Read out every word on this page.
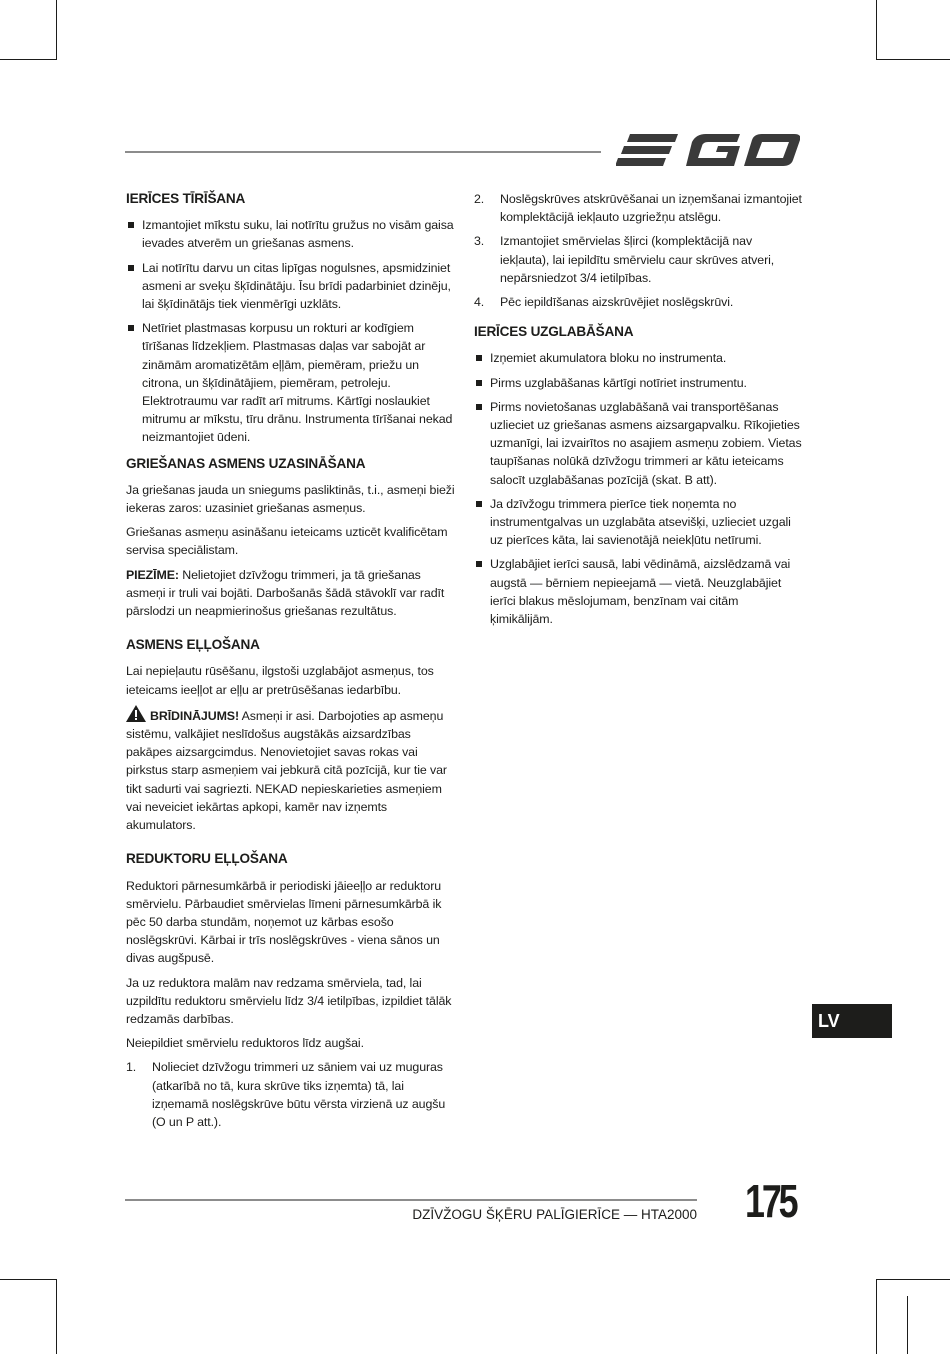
IERĪCES TĪRĪŠANA
Izmantojiet mīkstu suku, lai notīrītu gružus no visām gaisa ievades atverēm un griešanas asmens.
Lai notīrītu darvu un citas lipīgas nogulsnes, apsmidziniet asmeni ar sveķu šķīdinātāju. Īsu brīdi padarbiniet dzinēju, lai šķīdinātājs tiek vienmērīgi uzklāts.
Netīriet plastmasas korpusu un rokturi ar kodīgiem tīrīšanas līdzekļiem. Plastmasas daļas var sabojāt ar zināmām aromatizētām eļļām, piemēram, priežu un citrona, un šķīdinātājiem, piemēram, petroleju. Elektrotraumu var radīt arī mitrums. Kārtīgi noslaukiet mitrumu ar mīkstu, tīru drānu. Instrumenta tīrīšanai nekad neizmantojiet ūdeni.
GRIEŠANAS ASMENS UZASINĀŠANA

Ja griešanas jauda un sniegums pasliktinās, t.i., asmeņi bieži iekeras zaros: uzasiniet griešanas asmeņus.

Griešanas asmeņu asināšanu ieteicams uzticēt kvalificētam servisa speciālistam.

PIEZĪME: Nelietojiet dzīvžogu trimmeri, ja tā griešanas asmeņi ir truli vai bojāti. Darbošanās šādā stāvoklī var radīt pārslodzi un neapmierinošus griešanas rezultātus.

ASMENS EĻĻOŠANA

Lai nepieļautu rūsēšanu, ilgstoši uzglabājot asmeņus, tos ieteicams ieeļļot ar eļļu ar pretrūsēšanas iedarbību.

BRĪDINĀJUMS! Asmeņi ir asi. Darbojoties ap asmeņu sistēmu, valkājiet neslīdošus augstākās aizsardzības pakāpes aizsargcimdus. Nenovietojiet savas rokas vai pirkstus starp asmeņiem vai jebkurā citā pozīcijā, kur tie var tikt sadurti vai sagriezti. NEKAD nepieskarieties asmeņiem vai neveiciet iekārtas apkopi, kamēr nav izņemts akumulators.

REDUKTORU EĻĻOŠANA

Reduktori pārnesumkārbā ir periodiski jāieeļļo ar reduktoru smērvielu. Pārbaudiet smērvielas līmeni pārnesumkārbā ik pēc 50 darba stundām, noņemot uz kārbas esošo noslēgskrūvi. Kārbai ir trīs noslēgskrūves - viena sānos un divas augšpusē.

Ja uz reduktora malām nav redzama smērviela, tad, lai uzpildītu reduktoru smērvielu līdz 3/4 ietilpības, izpildiet tālāk redzamās darbības.

Neiepildiet smērvielu reduktoros līdz augšai.

1. Nolieciet dzīvžogu trimmeri uz sāniem vai uz muguras (atkarībā no tā, kura skrūve tiks izņemta) tā, lai izņemamā noslēgskrūve būtu vērsta virzienā uz augšu (O un P att.).
2. Noslēgskrūves atskrūvēšanai un izņemšanai izmantojiet komplektācijā iekļauto uzgriežņu atslēgu.
3. Izmantojiet smērvielas šļirci (komplektācijā nav iekļauta), lai iepildītu smērvielu caur skrūves atveri, nepārsniedzot 3/4 ietilpības.
4. Pēc iepildīšanas aizskrūvējiet noslēgskrūvi.
IERĪCES UZGLABĀŠANA
Izņemiet akumulatora bloku no instrumenta.
Pirms uzglabāšanas kārtīgi notīriet instrumentu.
Pirms novietošanas uzglabāšanā vai transportēšanas uzlieciet uz griešanas asmens aizsargapvalku. Rīkojieties uzmanīgi, lai izvairītos no asajiem asmeņu zobiem. Vietas taupīšanas nolūkā dzīvžogu trimmeri ar kātu ieteicams salocīt uzglabāšanas pozīcijā (skat. B att).
Ja dzīvžogu trimmera pierīce tiek noņemta no instrumentgalvas un uzglabāta atsevišķi, uzlieciet uzgali uz pierīces kāta, lai savienotājā neiekļūtu netīrumi.
Uzglabājiet ierīci sausā, labi vēdināmā, aizslēdzamā vai augstā — bērniem nepieejamā — vietā. Neuzglabājiet ierīci blakus mēslojumam, benzīnam vai citām ķimikālijām.
LV
DZĪVŽOGU ŠĶĒRU PALĪGIERĪCE — HTA2000 175
